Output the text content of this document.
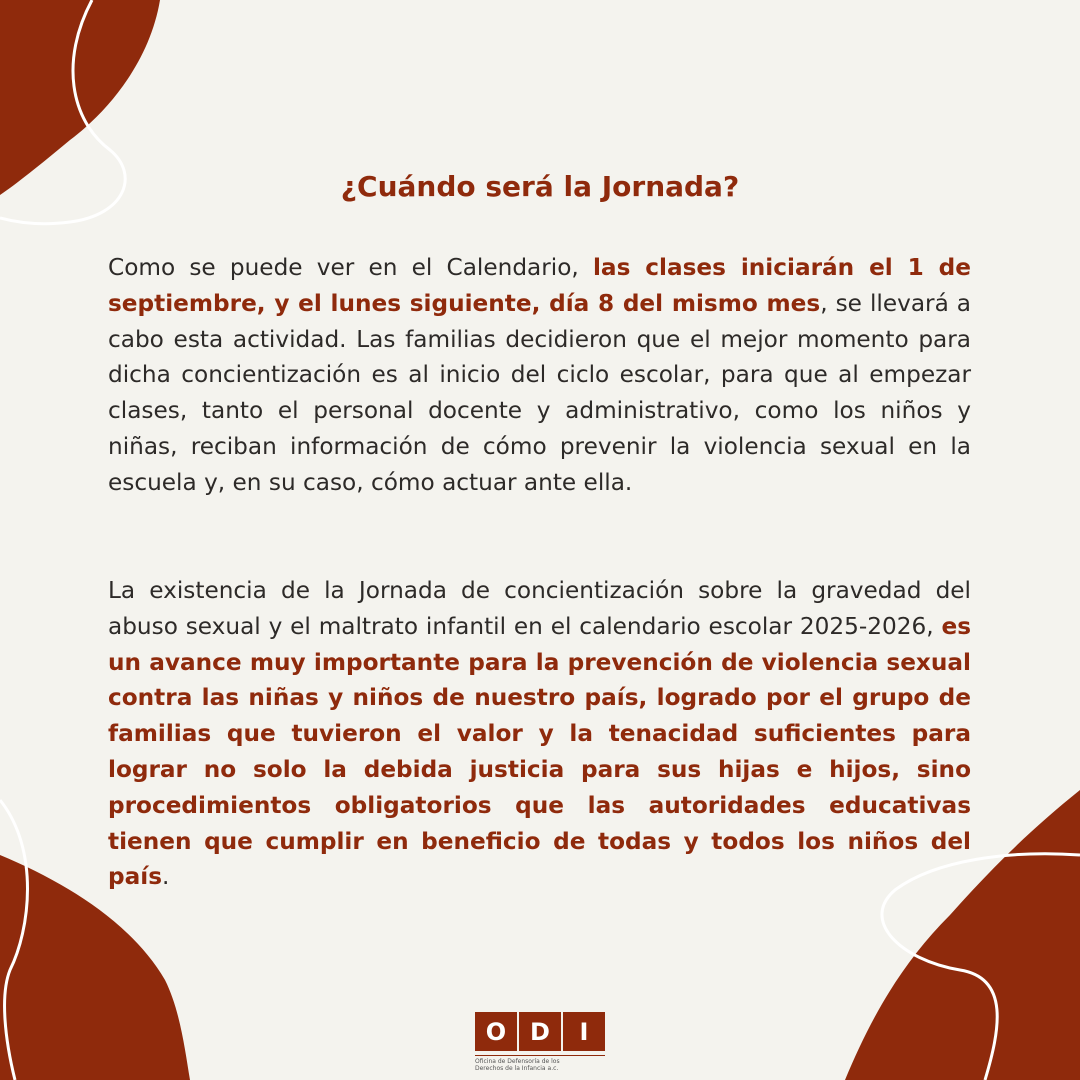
¿Cuándo será la Jornada?

Como se puede ver en el Calendario, las clases iniciarán el 1 de septiembre, y el lunes siguiente, día 8 del mismo mes, se llevará a cabo esta actividad. Las familias decidieron que el mejor momento para dicha concientización es al inicio del ciclo escolar, para que al empezar clases, tanto el personal docente y administrativo, como los niños y niñas, reciban información de cómo prevenir la violencia sexual en la escuela y, en su caso, cómo actuar ante ella.

La existencia de la Jornada de concientización sobre la gravedad del abuso sexual y el maltrato infantil en el calendario escolar 2025-2026, es un avance muy importante para la prevención de violencia sexual contra las niñas y niños de nuestro país, logrado por el grupo de familias que tuvieron el valor y la tenacidad suficientes para lograr no solo la debida justicia para sus hijas e hijos, sino procedimientos obligatorios que las autoridades educativas tienen que cumplir en beneficio de todas y todos los niños del país.

O D	I
Oficina de Defensoría de los
Derechos de la Infancia a.c.
